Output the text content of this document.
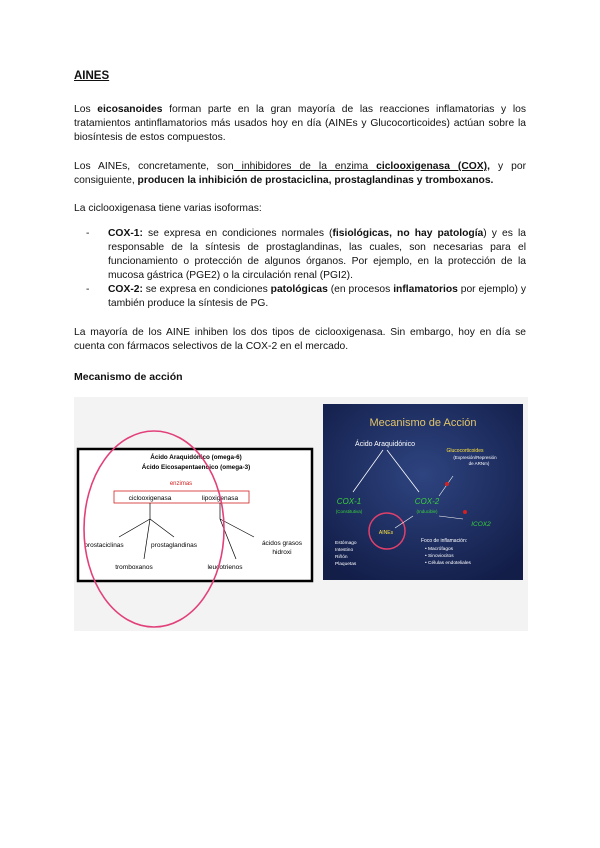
AINES

Los eicosanoides forman parte en la gran mayoría de las reacciones inflamatorias y los tratamientos antinflamatorios más usados hoy en día (AINEs y Glucocorticoides) actúan sobre la biosíntesis de estos compuestos.

Los AINEs, concretamente, son inhibidores de la enzima ciclooxigenasa (COX), y por consiguiente, producen la inhibición de prostaciclina, prostaglandinas y tromboxanos.

La ciclooxigenasa tiene varias isoformas:

- COX-1: se expresa en condiciones normales (fisiológicas, no hay patología) y es la responsable de la síntesis de prostaglandinas, las cuales, son necesarias para el funcionamiento o protección de algunos órganos. Por ejemplo, en la protección de la mucosa gástrica (PGE2) o la circulación renal (PGI2).
- COX-2: se expresa en condiciones patológicas (en procesos inflamatorios por ejemplo) y también produce la síntesis de PG.

La mayoría de los AINE inhiben los dos tipos de ciclooxigenasa. Sin embargo, hoy en día se cuenta con fármacos selectivos de la COX-2 en el mercado.

Mecanismo de acción
Ácido Araquidónico (omega-6)
Ácido Eicosapentaenoico (omega-3)
enzimas
ciclooxigenasa	lipoxigenasa
prostaciclinas	prostaglandinas
tromboxanos	leucotrienos
ácidos grasos
hidroxi
Mecanismo de Acción
Ácido Araquidónico
Glucocorticoides
(Expresión/Represión
de ARNm)
COX-1
(Constitutiva)
COX-2
(Inducible)
ICOX2
AINEs
Estómago
Intestino
Riñón
Plaquetas
Foco de inflamación:
• Macrófagos
• Sinoviocitos
• Células endoteliales
